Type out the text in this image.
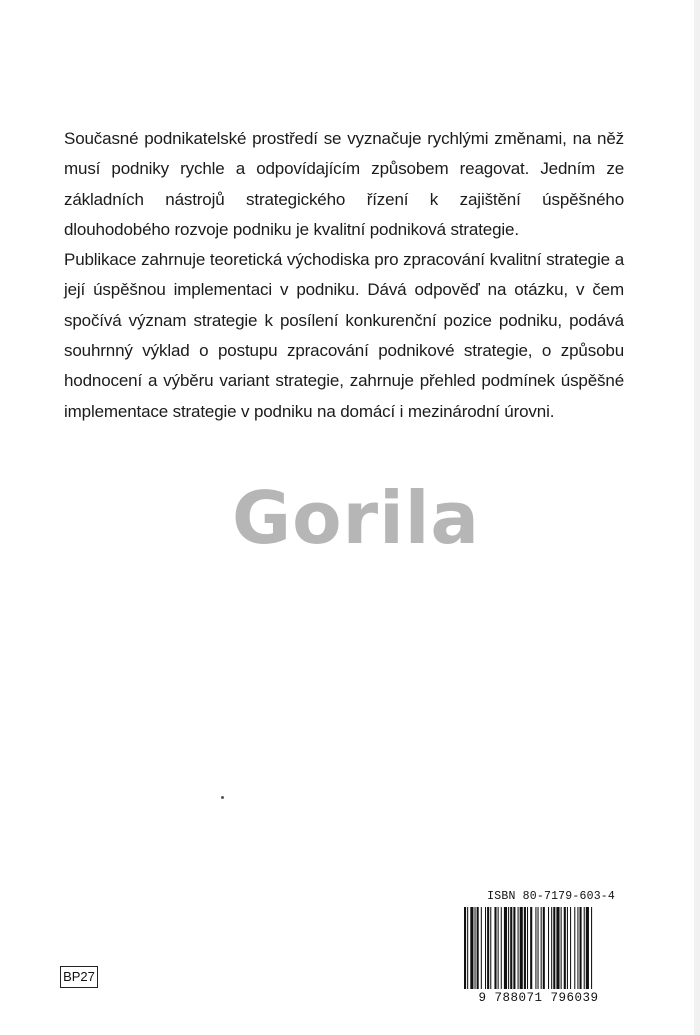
Současné podnikatelské prostředí se vyznačuje rychlými změnami, na něž musí podniky rychle a odpovídajícím způsobem reagovat. Jedním ze základních nástrojů strategického řízení k zajištění úspěšného dlouhodobého rozvoje podniku je kvalitní podniková strategie.

Publikace zahrnuje teoretická východiska pro zpracování kvalitní strategie a její úspěšnou implementaci v podniku. Dává odpověď na otázku, v čem spočívá význam strategie k posílení konkurenční pozice podniku, podává souhrnný výklad o postupu zpracování podnikové strategie, o způsobu hodnocení a výběru variant strategie, zahrnuje přehled podmínek úspěšné implementace strategie v podniku na domácí i mezinárodní úrovni.

Gorila
BP27
ISBN 80-7179-603-4
9 788071 796039
